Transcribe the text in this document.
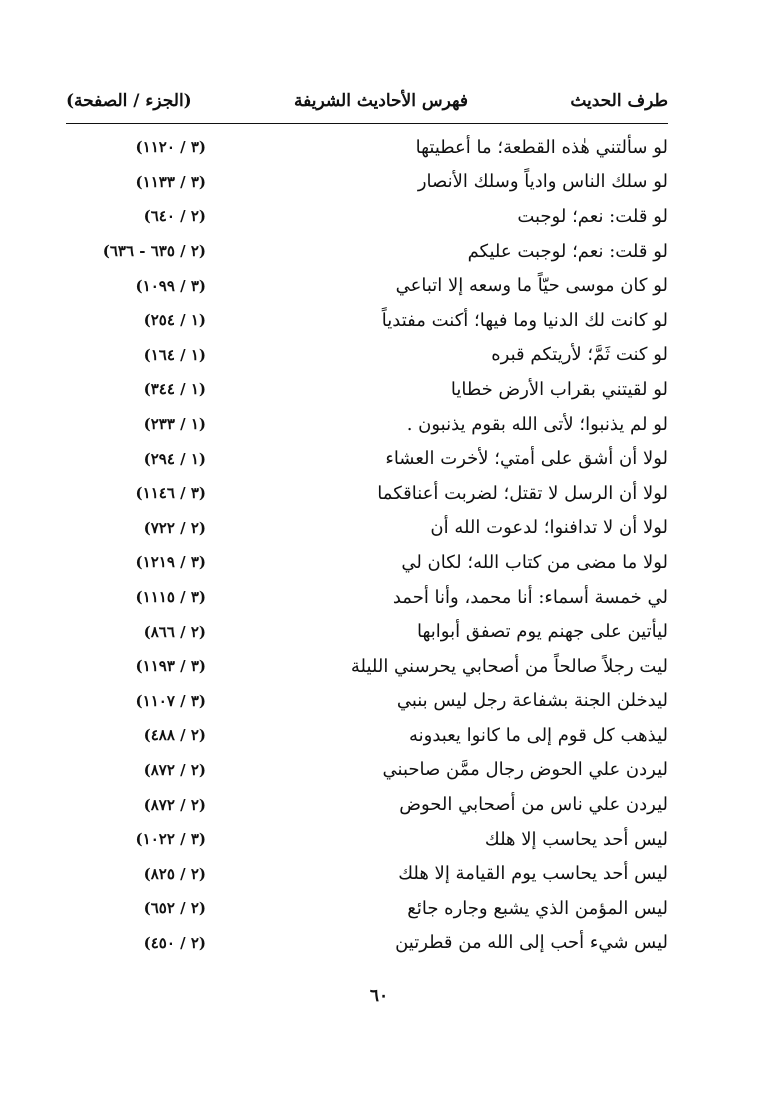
طرف الحديث
فهرس الأحاديث الشريفة
(الجزء / الصفحة)
لو سألتني هٰذه القطعة؛ ما أعطيتها
(٣ / ١١٢٠)
لو سلك الناس وادياً وسلك الأنصار
(٣ / ١١٣٣)
لو قلت: نعم؛ لوجبت
(٢ / ٦٤٠)
لو قلت: نعم؛ لوجبت عليكم
(٢ / ٦٣٥ - ٦٣٦)
لو كان موسى حيّاً ما وسعه إلا اتباعي
(٣ / ١٠٩٩)
لو كانت لك الدنيا وما فيها؛ أكنت مفتدياً
(١ / ٢٥٤)
لو كنت ثَمَّ؛ لأريتكم قبره
(١ / ١٦٤)
لو لقيتني بقراب الأرض خطايا
(١ / ٣٤٤)
لو لم يذنبوا؛ لأتى الله بقوم يذنبون .
(١ / ٢٣٣)
لولا أن أشق على أمتي؛ لأخرت العشاء
(١ / ٢٩٤)
لولا أن الرسل لا تقتل؛ لضربت أعناقكما
(٣ / ١١٤٦)
لولا أن لا تدافنوا؛ لدعوت الله أن
(٢ / ٧٢٢)
لولا ما مضى من كتاب الله؛ لكان لي
(٣ / ١٢١٩)
لي خمسة أسماء: أنا محمد، وأنا أحمد
(٣ / ١١١٥)
ليأتين على جهنم يوم تصفق أبوابها
(٢ / ٨٦٦)
ليت رجلاً صالحاً من أصحابي يحرسني الليلة
(٣ / ١١٩٣)
ليدخلن الجنة بشفاعة رجل ليس بنبي
(٣ / ١١٠٧)
ليذهب كل قوم إلى ما كانوا يعبدونه
(٢ / ٤٨٨)
ليردن علي الحوض رجال ممَّن صاحبني
(٢ / ٨٧٢)
ليردن علي ناس من أصحابي الحوض
(٢ / ٨٧٢)
ليس أحد يحاسب إلا هلك
(٣ / ١٠٢٢)
ليس أحد يحاسب يوم القيامة إلا هلك
(٢ / ٨٢٥)
ليس المؤمن الذي يشبع وجاره جائع
(٢ / ٦٥٢)
ليس شيء أحب إلى الله من قطرتين
(٢ / ٤٥٠)
٦٠
